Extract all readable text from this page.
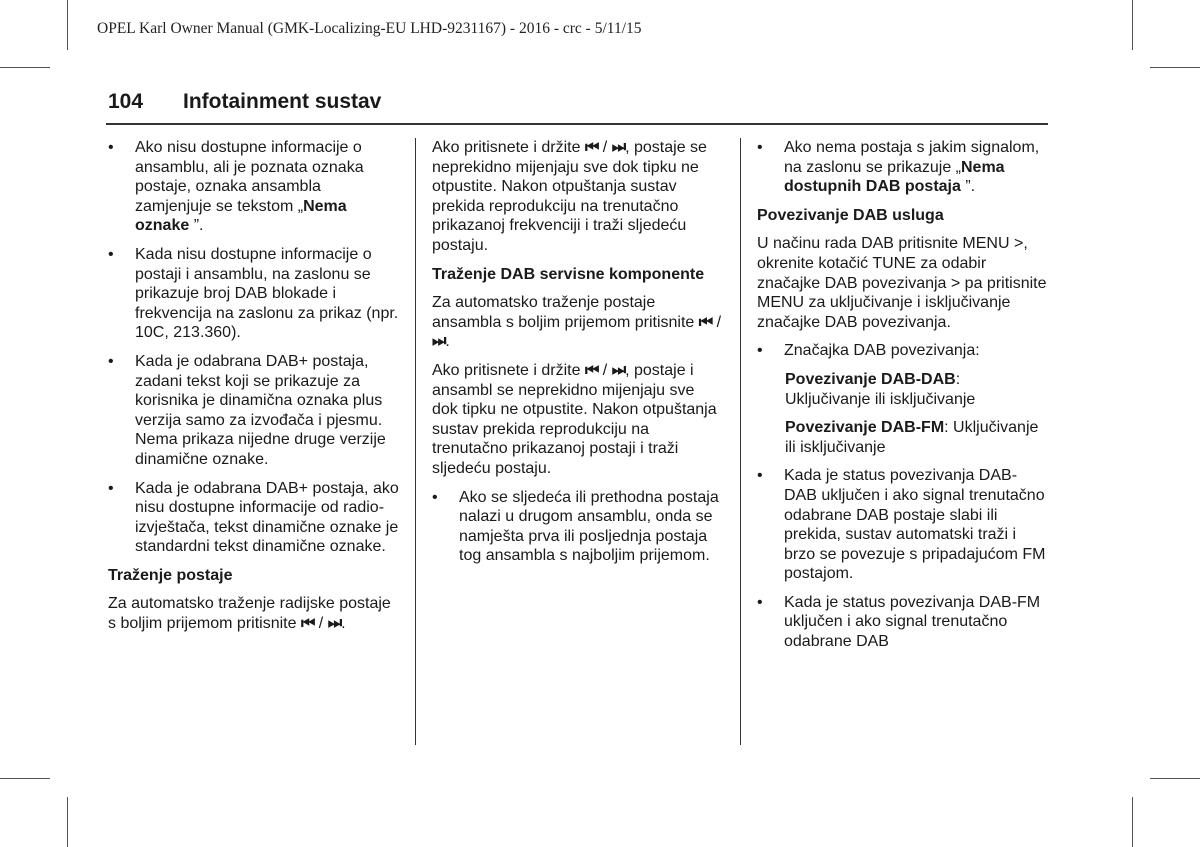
OPEL Karl Owner Manual (GMK-Localizing-EU LHD-9231167) - 2016 - crc - 5/11/15
104 Infotainment sustav
• Ako nisu dostupne informacije o ansamblu, ali je poznata oznaka postaje, oznaka ansambla zamjenjuje se tekstom „Nema oznake ”.
• Kada nisu dostupne informacije o postaji i ansamblu, na zaslonu se prikazuje broj DAB blokade i frekvencija na zaslonu za prikaz (npr. 10C, 213.360).
• Kada je odabrana DAB+ postaja, zadani tekst koji se prikazuje za korisnika je dinamična oznaka plus verzija samo za izvođača i pjesmu. Nema prikaza nijedne druge verzije dinamične oznake.
• Kada je odabrana DAB+ postaja, ako nisu dostupne informacije od radio-izvještača, tekst dinamične oznake je standardni tekst dinamične oznake.
Traženje postaje
Za automatsko traženje radijske postaje s boljim prijemom pritisnite ⏮ / ⏭.
Ako pritisnete i držite ⏮ / ⏭, postaje se neprekidno mijenjaju sve dok tipku ne otpustite. Nakon otpuštanja sustav prekida reprodukciju na trenutačno prikazanoj frekvenciji i traži sljedeću postaju.
Traženje DAB servisne komponente
Za automatsko traženje postaje ansambla s boljim prijemom pritisnite ⏮ / ⏭.
Ako pritisnete i držite ⏮ / ⏭, postaje i ansambl se neprekidno mijenjaju sve dok tipku ne otpustite. Nakon otpuštanja sustav prekida reprodukciju na trenutačno prikazanoj postaji i traži sljedeću postaju.
• Ako se sljedeća ili prethodna postaja nalazi u drugom ansamblu, onda se namješta prva ili posljednja postaja tog ansambla s najboljim prijemom.
• Ako nema postaja s jakim signalom, na zaslonu se prikazuje „Nema dostupnih DAB postaja ”.
Povezivanje DAB usluga
U načinu rada DAB pritisnite MENU >, okrenite kotačić TUNE za odabir značajke DAB povezivanja > pa pritisnite MENU za uključivanje i isključivanje značajke DAB povezivanja.
• Značajka DAB povezivanja:
Povezivanje DAB-DAB: Uključivanje ili isključivanje
Povezivanje DAB-FM: Uključivanje ili isključivanje
• Kada je status povezivanja DAB-DAB uključen i ako signal trenutačno odabrane DAB postaje slabi ili prekida, sustav automatski traži i brzo se povezuje s pripadajućom FM postajom.
• Kada je status povezivanja DAB-FM uključen i ako signal trenutačno odabrane DAB
